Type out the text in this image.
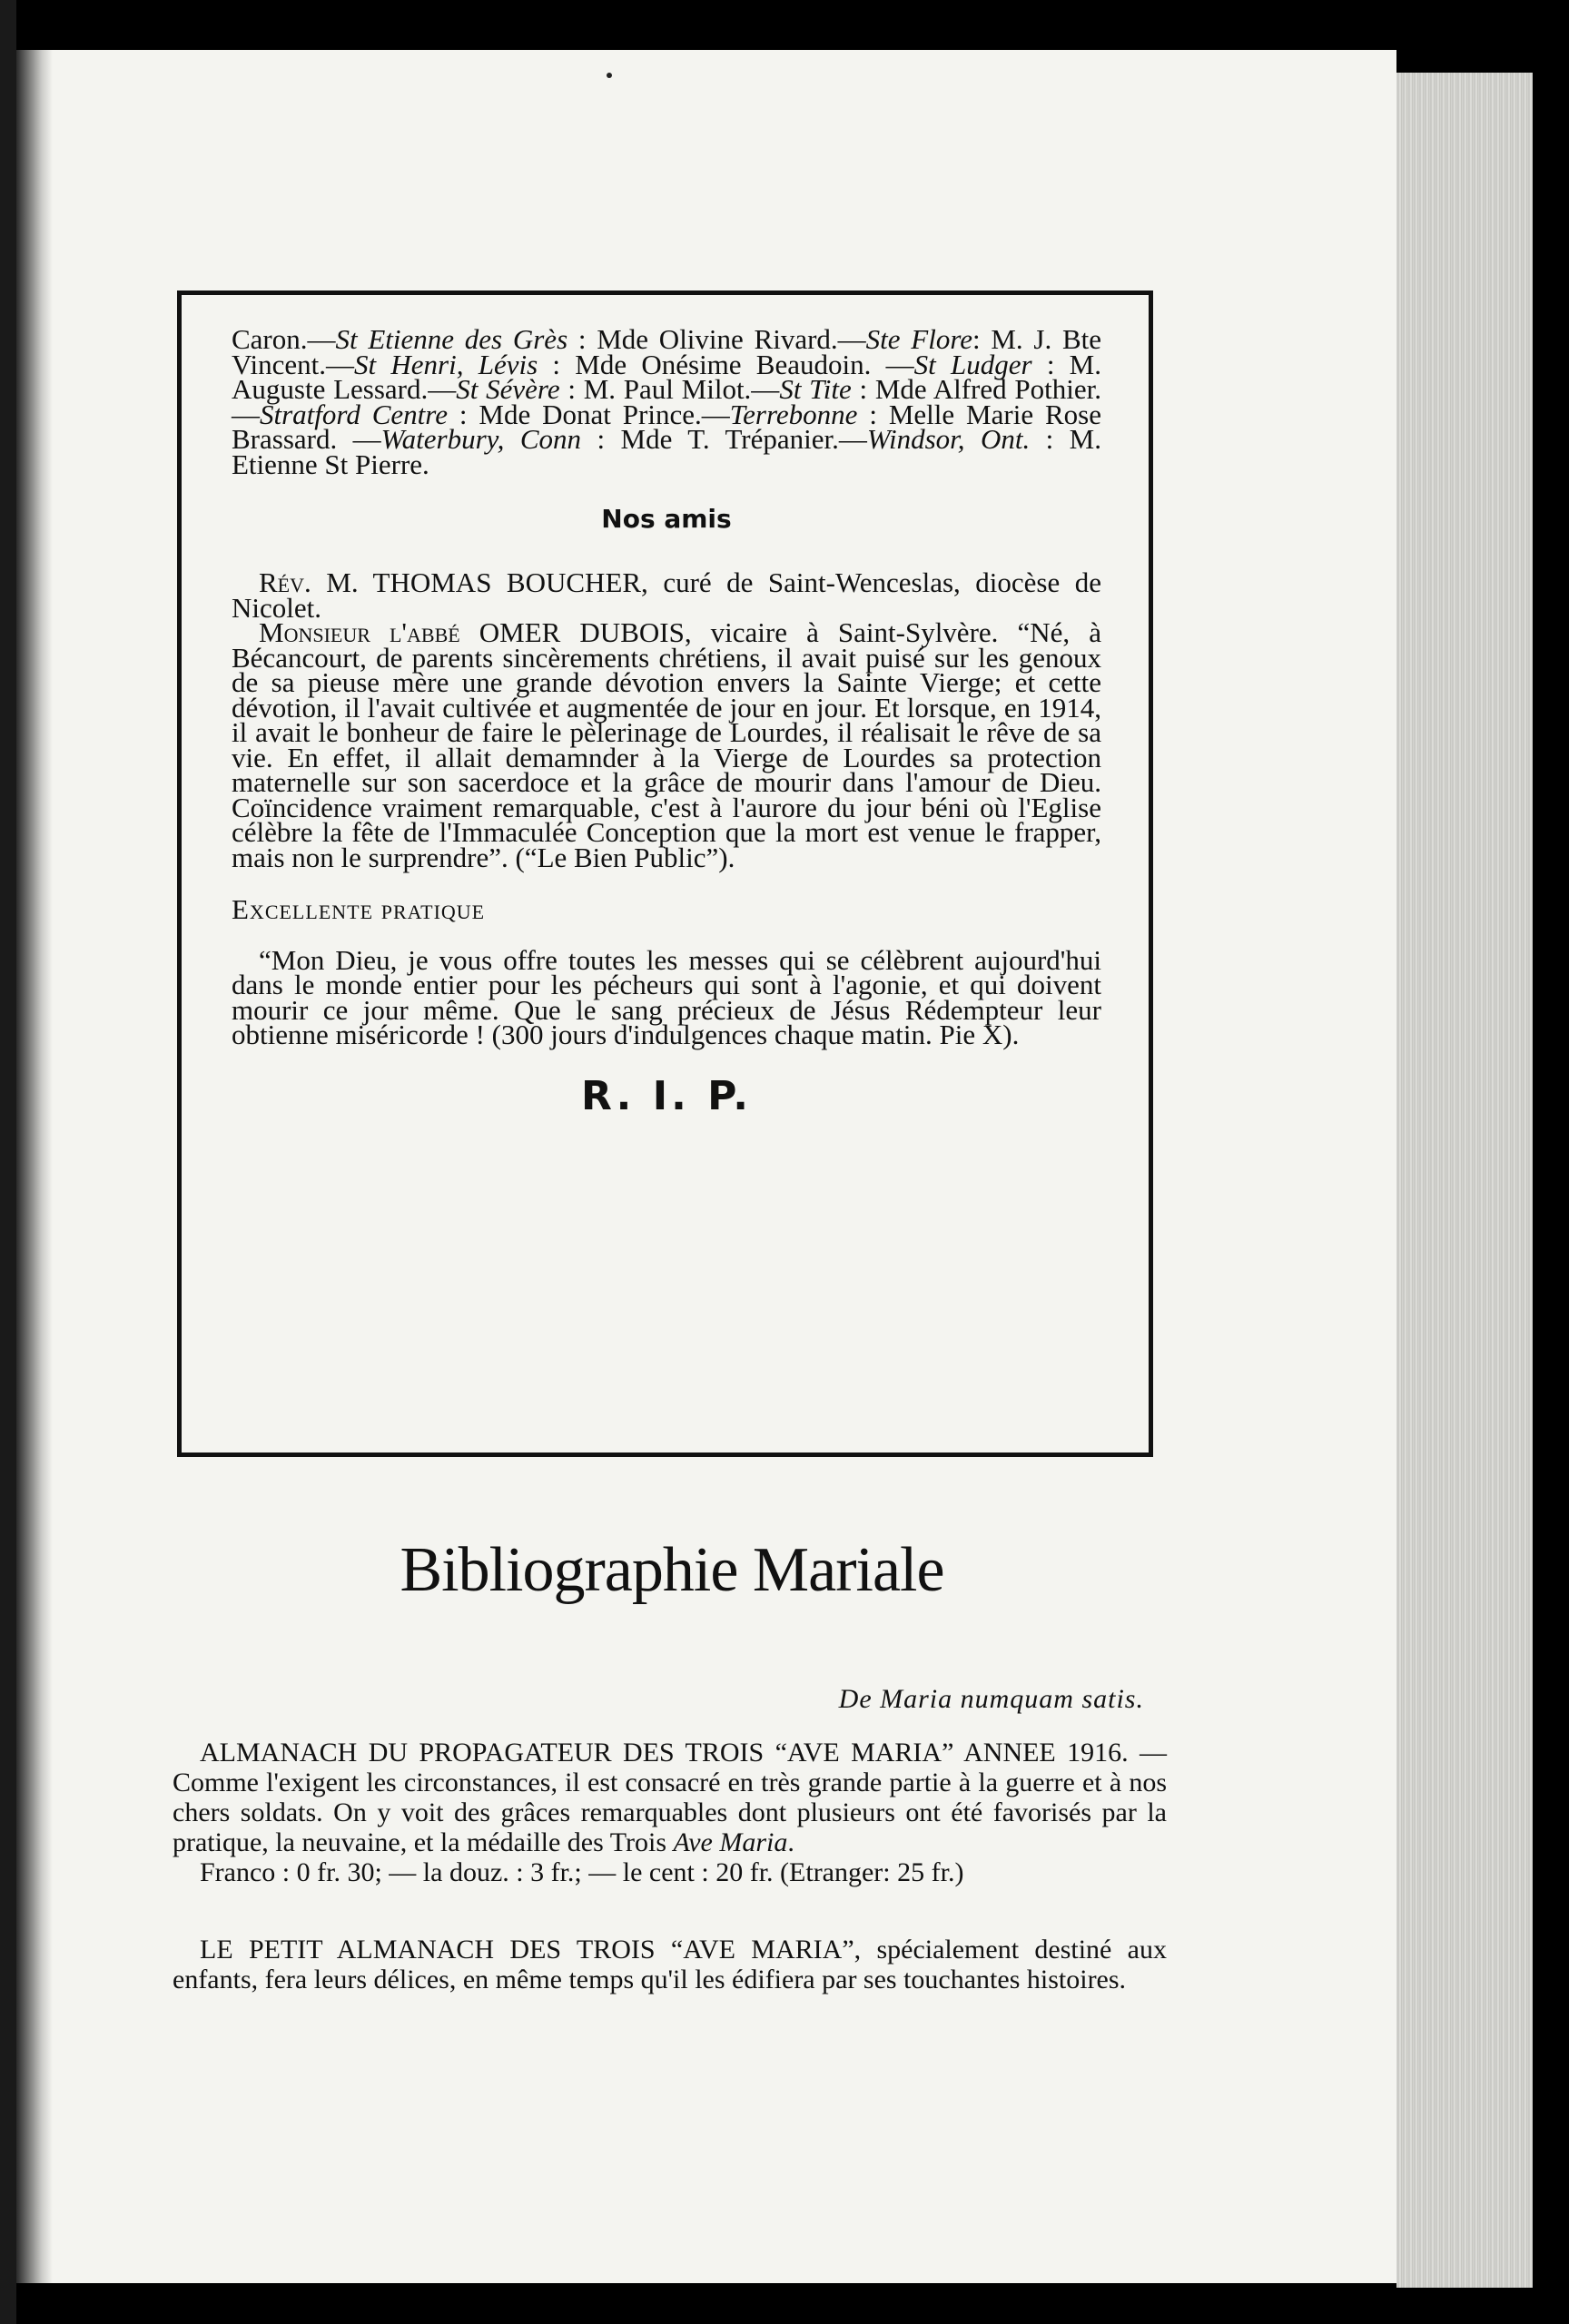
Caron.—St Etienne des Grès : Mde Olivine Rivard.—Ste Flore: M. J. Bte Vincent.—St Henri, Lévis : Mde Onésime Beaudoin. —St Ludger : M. Auguste Lessard.—St Sévère : M. Paul Milot.—St Tite : Mde Alfred Pothier.—Stratford Centre : Mde Donat Prince.—Terrebonne : Melle Marie Rose Brassard. —Waterbury, Conn : Mde T. Trépanier.—Windsor, Ont. : M. Etienne St Pierre.

Nos amis

Rév. M. THOMAS BOUCHER, curé de Saint-Wenceslas, diocèse de Nicolet.

Monsieur l'abbé OMER DUBOIS, vicaire à Saint-Sylvère. “Né, à Bécancourt, de parents sincèrements chrétiens, il avait puisé sur les genoux de sa pieuse mère une grande dévotion envers la Sainte Vierge; et cette dévotion, il l'avait cultivée et augmentée de jour en jour. Et lorsque, en 1914, il avait le bonheur de faire le pèlerinage de Lourdes, il réalisait le rêve de sa vie. En effet, il allait demamnder à la Vierge de Lourdes sa protection maternelle sur son sacerdoce et la grâce de mourir dans l'amour de Dieu. Coïncidence vraiment remarquable, c'est à l'aurore du jour béni où l'Eglise célèbre la fête de l'Immaculée Conception que la mort est venue le frapper, mais non le surprendre”. (“Le Bien Public”).

Excellente pratique

“Mon Dieu, je vous offre toutes les messes qui se célèbrent aujourd'hui dans le monde entier pour les pécheurs qui sont à l'agonie, et qui doivent mourir ce jour même. Que le sang précieux de Jésus Rédempteur leur obtienne miséricorde ! (300 jours d'indulgences chaque matin. Pie X).

R. I. P.
Bibliographie Mariale
De Maria numquam satis.

ALMANACH DU PROPAGATEUR DES TROIS “AVE MARIA” ANNEE 1916. — Comme l'exigent les circonstances, il est consacré en très grande partie à la guerre et à nos chers soldats. On y voit des grâces remarquables dont plusieurs ont été favorisés par la pratique, la neuvaine, et la médaille des Trois Ave Maria.

Franco : 0 fr. 30; — la douz. : 3 fr.; — le cent : 20 fr. (Etranger: 25 fr.)

LE PETIT ALMANACH DES TROIS “AVE MARIA”, spécialement destiné aux enfants, fera leurs délices, en même temps qu'il les édifiera par ses touchantes histoires.
